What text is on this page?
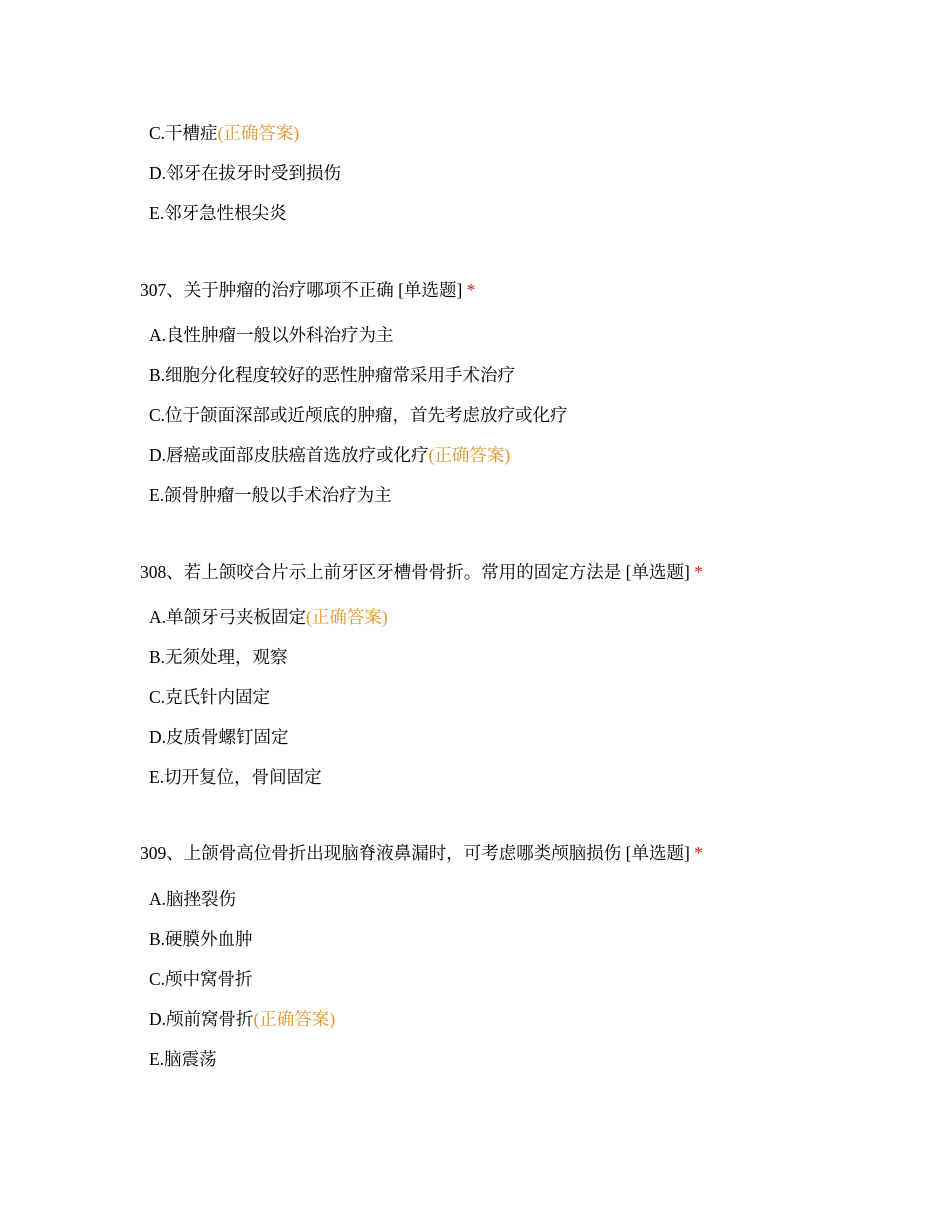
C.干槽症(正确答案)
D.邻牙在拔牙时受到损伤
E.邻牙急性根尖炎
307、关于肿瘤的治疗哪项不正确 [单选题] *
A.良性肿瘤一般以外科治疗为主
B.细胞分化程度较好的恶性肿瘤常采用手术治疗
C.位于颌面深部或近颅底的肿瘤，首先考虑放疗或化疗
D.唇癌或面部皮肤癌首选放疗或化疗(正确答案)
E.颌骨肿瘤一般以手术治疗为主
308、若上颌咬合片示上前牙区牙槽骨骨折。常用的固定方法是 [单选题] *
A.单颌牙弓夹板固定(正确答案)
B.无须处理，观察
C.克氏针内固定
D.皮质骨螺钉固定
E.切开复位，骨间固定
309、上颌骨高位骨折出现脑脊液鼻漏时，可考虑哪类颅脑损伤 [单选题] *
A.脑挫裂伤
B.硬膜外血肿
C.颅中窝骨折
D.颅前窝骨折(正确答案)
E.脑震荡
